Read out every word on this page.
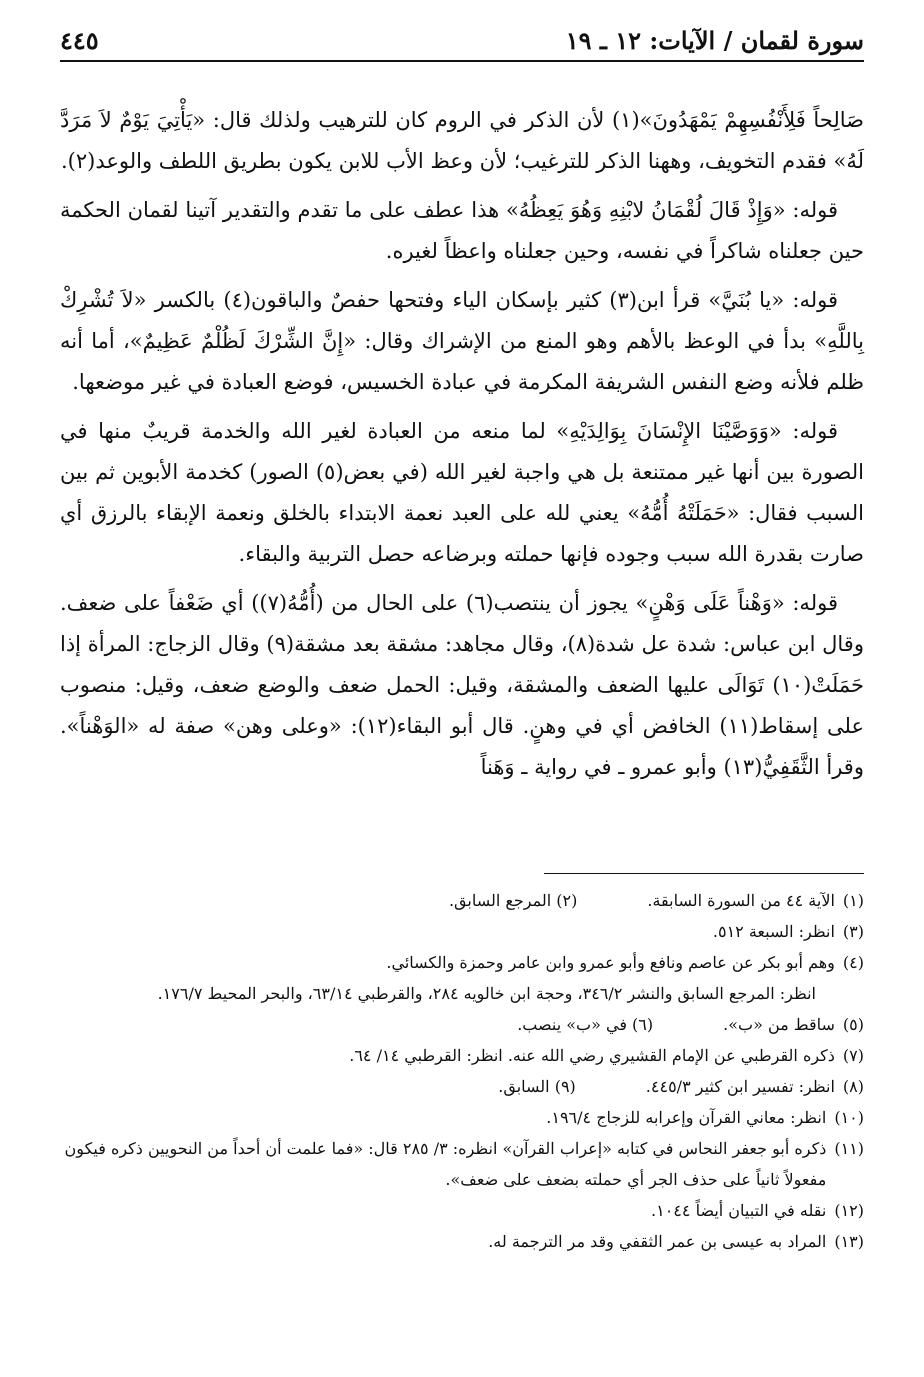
سورة لقمان / الآيات: ١٢ ـ ١٩
٤٤٥

صَالِحاً فَلِأَنْفُسِهِمْ يَمْهَدُونَ»(١) لأن الذكر في الروم كان للترهيب ولذلك قال: «يَأْتِيَ يَوْمٌ لاَ مَرَدَّ لَهُ» فقدم التخويف، وههنا الذكر للترغيب؛ لأن وعظ الأب للابن يكون بطريق اللطف والوعد(٢).

قوله: «وَإِذْ قَالَ لُقْمَانُ لابْنِهِ وَهُوَ يَعِظُهُ» هذا عطف على ما تقدم والتقدير آتينا لقمان الحكمة حين جعلناه شاكراً في نفسه، وحين جعلناه واعظاً لغيره.

قوله: «يا بُنَيَّ» قرأ ابن(٣) كثير بإسكان الياء وفتحها حفصٌ والباقون(٤) بالكسر «لاَ تُشْرِكْ بِاللَّهِ» بدأ في الوعظ بالأهم وهو المنع من الإشراك وقال: «إِنَّ الشِّرْكَ لَظُلْمٌ عَظِيمٌ»، أما أنه ظلم فلأنه وضع النفس الشريفة المكرمة في عبادة الخسيس، فوضع العبادة في غير موضعها.

قوله: «وَوَصَّيْنَا الإِنْسَانَ بِوَالِدَيْهِ» لما منعه من العبادة لغير الله والخدمة قريبٌ منها في الصورة بين أنها غير ممتنعة بل هي واجبة لغير الله (في بعض(٥) الصور) كخدمة الأبوين ثم بين السبب فقال: «حَمَلَتْهُ أُمُّهُ» يعني لله على العبد نعمة الابتداء بالخلق ونعمة الإبقاء بالرزق أي صارت بقدرة الله سبب وجوده فإنها حملته وبرضاعه حصل التربية والبقاء.

قوله: «وَهْناً عَلَى وَهْنٍ» يجوز أن ينتصب(٦) على الحال من (أُمُّهُ(٧)) أي ضَعْفاً على ضعف. وقال ابن عباس: شدة عل شدة(٨)، وقال مجاهد: مشقة بعد مشقة(٩) وقال الزجاج: المرأة إذا حَمَلَتْ(١٠) تَوَالَى عليها الضعف والمشقة، وقيل: الحمل ضعف والوضع ضعف، وقيل: منصوب على إسقاط(١١) الخافض أي في وهنٍ. قال أبو البقاء(١٢): «وعلى وهن» صفة له «الوَهْناً». وقرأ الثَّقَفِيُّ(١٣) وأبو عمرو ـ في رواية ـ وَهَناً

(١)
الآية ٤٤ من السورة السابقة.(٢) المرجع السابق.
(٣)
انظر: السبعة ٥١٢.
(٤)
وهم أبو بكر عن عاصم ونافع وأبو عمرو وابن عامر وحمزة والكسائي.
انظر: المرجع السابق والنشر ٣٤٦/٢، وحجة ابن خالويه ٢٨٤، والقرطبي ٦٣/١٤، والبحر المحيط ١٧٦/٧.
(٥)
ساقط من «ب».(٦) في «ب» ينصب.
(٧)
ذكره القرطبي عن الإمام القشيري رضي الله عنه. انظر: القرطبي ١٤/ ٦٤.
(٨)
انظر: تفسير ابن كثير ٤٤٥/٣.(٩) السابق.
(١٠)
انظر: معاني القرآن وإعرابه للزجاج ١٩٦/٤.
(١١)
ذكره أبو جعفر النحاس في كتابه «إعراب القرآن» انظره: ٣/ ٢٨٥ قال: «فما علمت أن أحداً من النحويين ذكره فيكون مفعولاً ثانياً على حذف الجر أي حملته بضعف على ضعف».
(١٢)
نقله في التبيان أيضاً ١٠٤٤.
(١٣)
المراد به عيسى بن عمر الثقفي وقد مر الترجمة له.
